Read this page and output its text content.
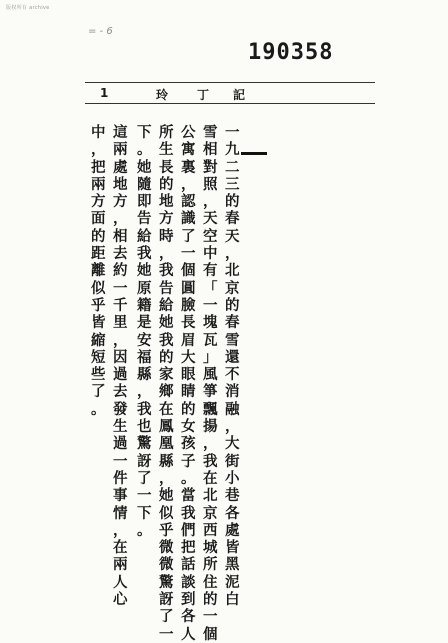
版权所有 archive
= - 6
190358
1	玲 丁 記
一九二三的春天，北京的春雪還不消融，大街小巷各處皆黑泥白
雪相對照，天空中有「一塊瓦」風箏飄揚，我在北京西城所住的一個
公寓裏，認識了一個圓臉長眉大眼睛的女孩子。當我們把話談到各人
所生長的地方時，我告給她我的家鄉在鳳凰縣，她似乎微微驚訝了一
下。她隨即告給我她原籍是安福縣，我也驚訝了一下。
這兩處地方，相去約一千里，因過去發生過一件事情，在兩人心
中，把兩方面的距離似乎皆縮短些了。
